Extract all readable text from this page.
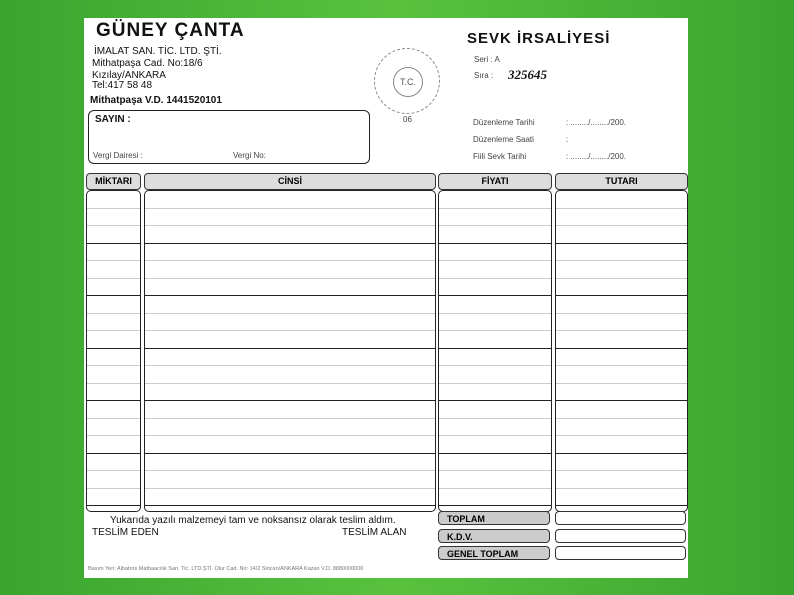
GÜNEY ÇANTA
İMALAT SAN. TİC. LTD. ŞTİ.
Mithatpaşa Cad. No:18/6
Kızılay/ANKARA
Tel:417 58 48
Mithatpaşa V.D. 1441520101
SAYIN :
Vergi Dairesi :	Vergi No:
T.C.
06
SEVK İRSALİYESİ
Seri : A
Sıra : 325645
Düzenleme Tarihi	: ......../......../200.
Düzenleme Saati	:
Fiili Sevk Tarihi	: ......../......../200.
MİKTARI	CİNSİ	FİYATI	TUTARI
Yukarıda yazılı malzemeyi tam ve noksansız olarak teslim aldım.
TESLİM EDEN	TESLİM ALAN
TOPLAM
K.D.V.
GENEL TOPLAM
Basım Yeri: Albatros Matbaacılık San. Tic. LTD.ŞTİ. Olur Cad. No: 14/2 Sincan/ANKARA Kazan V.D. 8880000000
